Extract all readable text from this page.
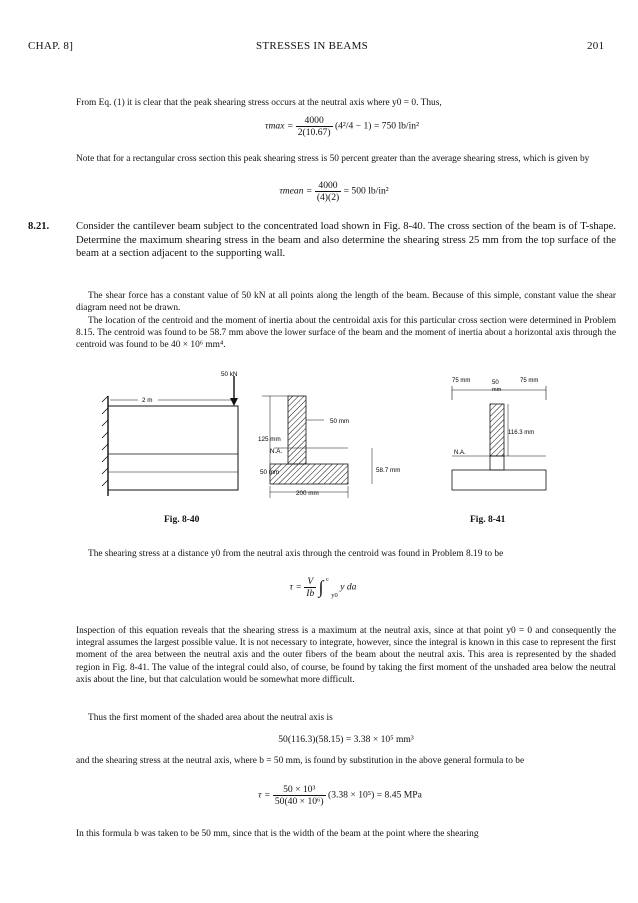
CHAP. 8]	STRESSES IN BEAMS	201
From Eq. (1) it is clear that the peak shearing stress occurs at the neutral axis where y0 = 0. Thus,
$\tau\max = \frac{4000}{2(10.67)} (4^2/4 - 1) = 750$ lb/in²
Note that for a rectangular cross section this peak shearing stress is 50 percent greater than the average shearing stress, which is given by
τmean = $\frac{4000}{(4)(2)} = 500$ lb/in²
8.21.	Consider the cantilever beam subject to the concentrated load shown in Fig. 8-40. The cross section of the beam is of T-shape. Determine the maximum shearing stress in the beam and also determine the shearing stress 25 mm from the top surface of the beam at a section adjacent to the supporting wall.
The shear force has a constant value of 50 kN at all points along the length of the beam. Because of this simple, constant value the shear diagram need not be drawn.
The location of the centroid and the moment of inertia about the centroidal axis for this particular cross section were determined in Problem 8.15. The centroid was found to be 58.7 mm above the lower surface of the beam and the moment of inertia about a horizontal axis through the centroid was found to be 40 × 10⁶ mm⁴.
50 kN
2 m
125 mm
N.A.
50 mm
50 mm	58.7 mm
200 mm
Fig. 8-40
75 mm	50
mm
75 mm
116.3 mm
N.A.
Fig. 8-41
The shearing stress at a distance y0 from the neutral axis through the centroid was found in Problem 8.19 to be
$\tau = \frac{V}{Ib}$ ∫ $^c$ y0 y da
Inspection of this equation reveals that the shearing stress is a maximum at the neutral axis, since at that point y0 = 0 and consequently the integral assumes the largest possible value. It is not necessary to integrate, however, since the integral is known in this case to represent the first moment of the area between the neutral axis and the outer fibers of the beam about the neutral axis. This area is represented by the shaded region in Fig. 8-41. The value of the integral could also, of course, be found by taking the first moment of the unshaded area below the neutral axis about the line, but that calculation would be somewhat more difficult.
Thus the first moment of the shaded area about the neutral axis is
50(116.3)(58.15) = 3.38 × 10⁵ mm³
and the shearing stress at the neutral axis, where b = 50 mm, is found by substitution in the above general formula to be
$\tau = \frac{\text{50 × 10³}}{\text{50(40 × 10⁶)}} (3.38 \times 10^5) = 8.45$ MPa
In this formula b was taken to be 50 mm, since that is the width of the beam at the point where the shearing
